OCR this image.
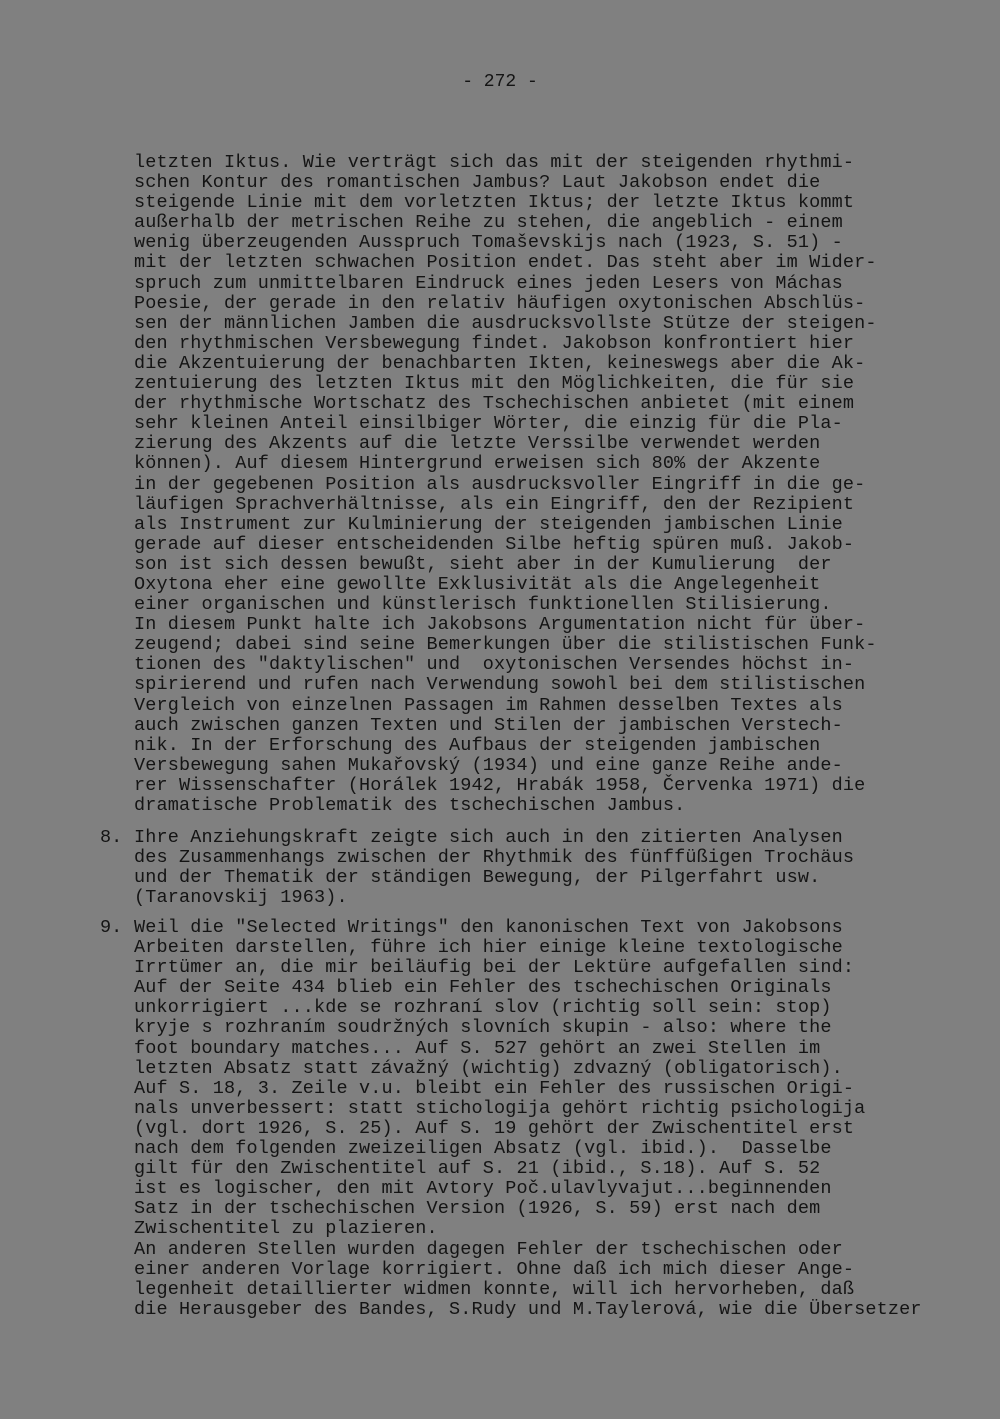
- 272 -
letzten Iktus. Wie verträgt sich das mit der steigenden rhythmi-
schen Kontur des romantischen Jambus? Laut Jakobson endet die
steigende Linie mit dem vorletzten Iktus; der letzte Iktus kommt
außerhalb der metrischen Reihe zu stehen, die angeblich - einem
wenig überzeugenden Ausspruch Tomaševskijs nach (1923, S. 51) -
mit der letzten schwachen Position endet. Das steht aber im Wider-
spruch zum unmittelbaren Eindruck eines jeden Lesers von Máchas
Poesie, der gerade in den relativ häufigen oxytonischen Abschlüs-
sen der männlichen Jamben die ausdrucksvollste Stütze der steigen-
den rhythmischen Versbewegung findet. Jakobson konfrontiert hier
die Akzentuierung der benachbarten Ikten, keineswegs aber die Ak-
zentuierung des letzten Iktus mit den Möglichkeiten, die für sie
der rhythmische Wortschatz des Tschechischen anbietet (mit einem
sehr kleinen Anteil einsilbiger Wörter, die einzig für die Pla-
zierung des Akzents auf die letzte Verssilbe verwendet werden
können). Auf diesem Hintergrund erweisen sich 80% der Akzente
in der gegebenen Position als ausdrucksvoller Eingriff in die ge-
läufigen Sprachverhältnisse, als ein Eingriff, den der Rezipient
als Instrument zur Kulminierung der steigenden jambischen Linie
gerade auf dieser entscheidenden Silbe heftig spüren muß. Jakob-
son ist sich dessen bewußt, sieht aber in der Kumulierung  der
Oxytona eher eine gewollte Exklusivität als die Angelegenheit
einer organischen und künstlerisch funktionellen Stilisierung.
In diesem Punkt halte ich Jakobsons Argumentation nicht für über-
zeugend; dabei sind seine Bemerkungen über die stilistischen Funk-
tionen des "daktylischen" und  oxytonischen Versendes höchst in-
spirierend und rufen nach Verwendung sowohl bei dem stilistischen
Vergleich von einzelnen Passagen im Rahmen desselben Textes als
auch zwischen ganzen Texten und Stilen der jambischen Verstech-
nik. In der Erforschung des Aufbaus der steigenden jambischen
Versbewegung sahen Mukařovský (1934) und eine ganze Reihe ande-
rer Wissenschafter (Horálek 1942, Hrabák 1958, Červenka 1971) die
dramatische Problematik des tschechischen Jambus.
8. Ihre Anziehungskraft zeigte sich auch in den zitierten Analysen
des Zusammenhangs zwischen der Rhythmik des fünffüßigen Trochäus
und der Thematik der ständigen Bewegung, der Pilgerfahrt usw.
(Taranovskij 1963).
9. Weil die "Selected Writings" den kanonischen Text von Jakobsons
Arbeiten darstellen, führe ich hier einige kleine textologische
Irrtümer an, die mir beiläufig bei der Lektüre aufgefallen sind:
Auf der Seite 434 blieb ein Fehler des tschechischen Originals
unkorrigiert ...kde se rozhraní slov (richtig soll sein: stop)
kryje s rozhraním soudržných slovních skupin - also: where the
foot boundary matches... Auf S. 527 gehört an zwei Stellen im
letzten Absatz statt závažný (wichtig) zdvazný (obligatorisch).
Auf S. 18, 3. Zeile v.u. bleibt ein Fehler des russischen Origi-
nals unverbessert: statt stichologija gehört richtig psichologija
(vgl. dort 1926, S. 25). Auf S. 19 gehört der Zwischentitel erst
nach dem folgenden zweizeiligen Absatz (vgl. ibid.).  Dasselbe
gilt für den Zwischentitel auf S. 21 (ibid., S.18). Auf S. 52
ist es logischer, den mit Avtory Poč.ulavlyvajut...beginnenden
Satz in der tschechischen Version (1926, S. 59) erst nach dem
Zwischentitel zu plazieren.
An anderen Stellen wurden dagegen Fehler der tschechischen oder
einer anderen Vorlage korrigiert. Ohne daß ich mich dieser Ange-
legenheit detaillierter widmen konnte, will ich hervorheben, daß
die Herausgeber des Bandes, S.Rudy und M.Taylerová, wie die Übersetzer
